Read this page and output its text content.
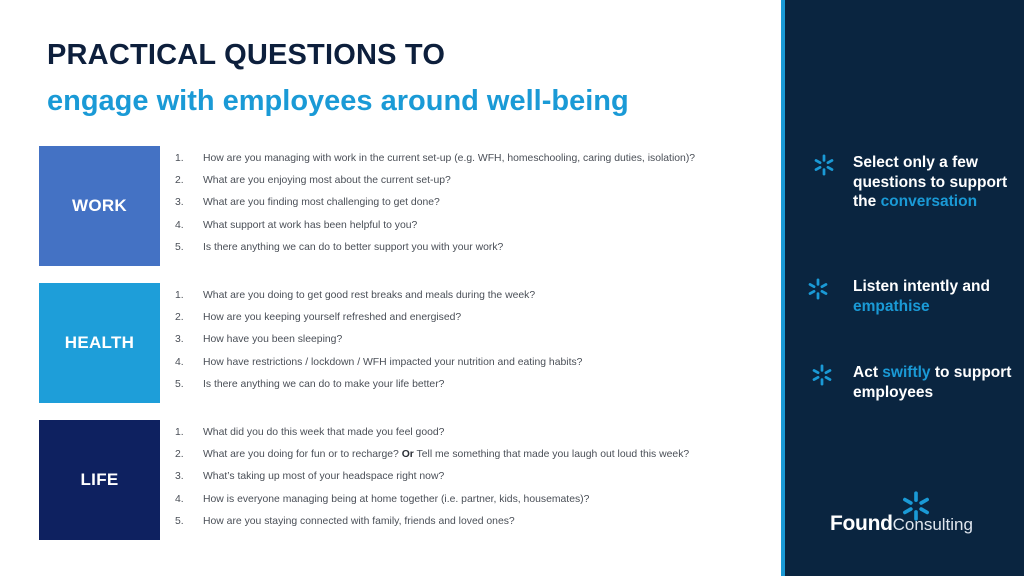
PRACTICAL QUESTIONS TO
engage with employees around well-being
WORK
1.	How are you managing with work in the current set-up (e.g. WFH, homeschooling, caring duties, isolation)?
2.	What are you enjoying most about the current set-up?
3.	What are you finding most challenging to get done?
4.	What support at work has been helpful to you?
5.	Is there anything we can do to better support you with your work?
HEALTH
1.	What are you doing to get good rest breaks and meals during the week?
2.	How are you keeping yourself refreshed and energised?
3.	How have you been sleeping?
4.	How have restrictions / lockdown / WFH impacted your nutrition and eating habits?
5.	Is there anything we can do to make your life better?
LIFE
1.	What did you do this week that made you feel good?
2.	What are you doing for fun or to recharge? Or Tell me something that made you laugh out loud this week?
3.	What’s taking up most of your headspace right now?
4.	How is everyone managing being at home together (i.e. partner, kids, housemates)?
5.	How are you staying connected with family, friends and loved ones?
Select only a few questions to support the conversation
Listen intently and empathise
Act swiftly to support employees
FoundConsulting
